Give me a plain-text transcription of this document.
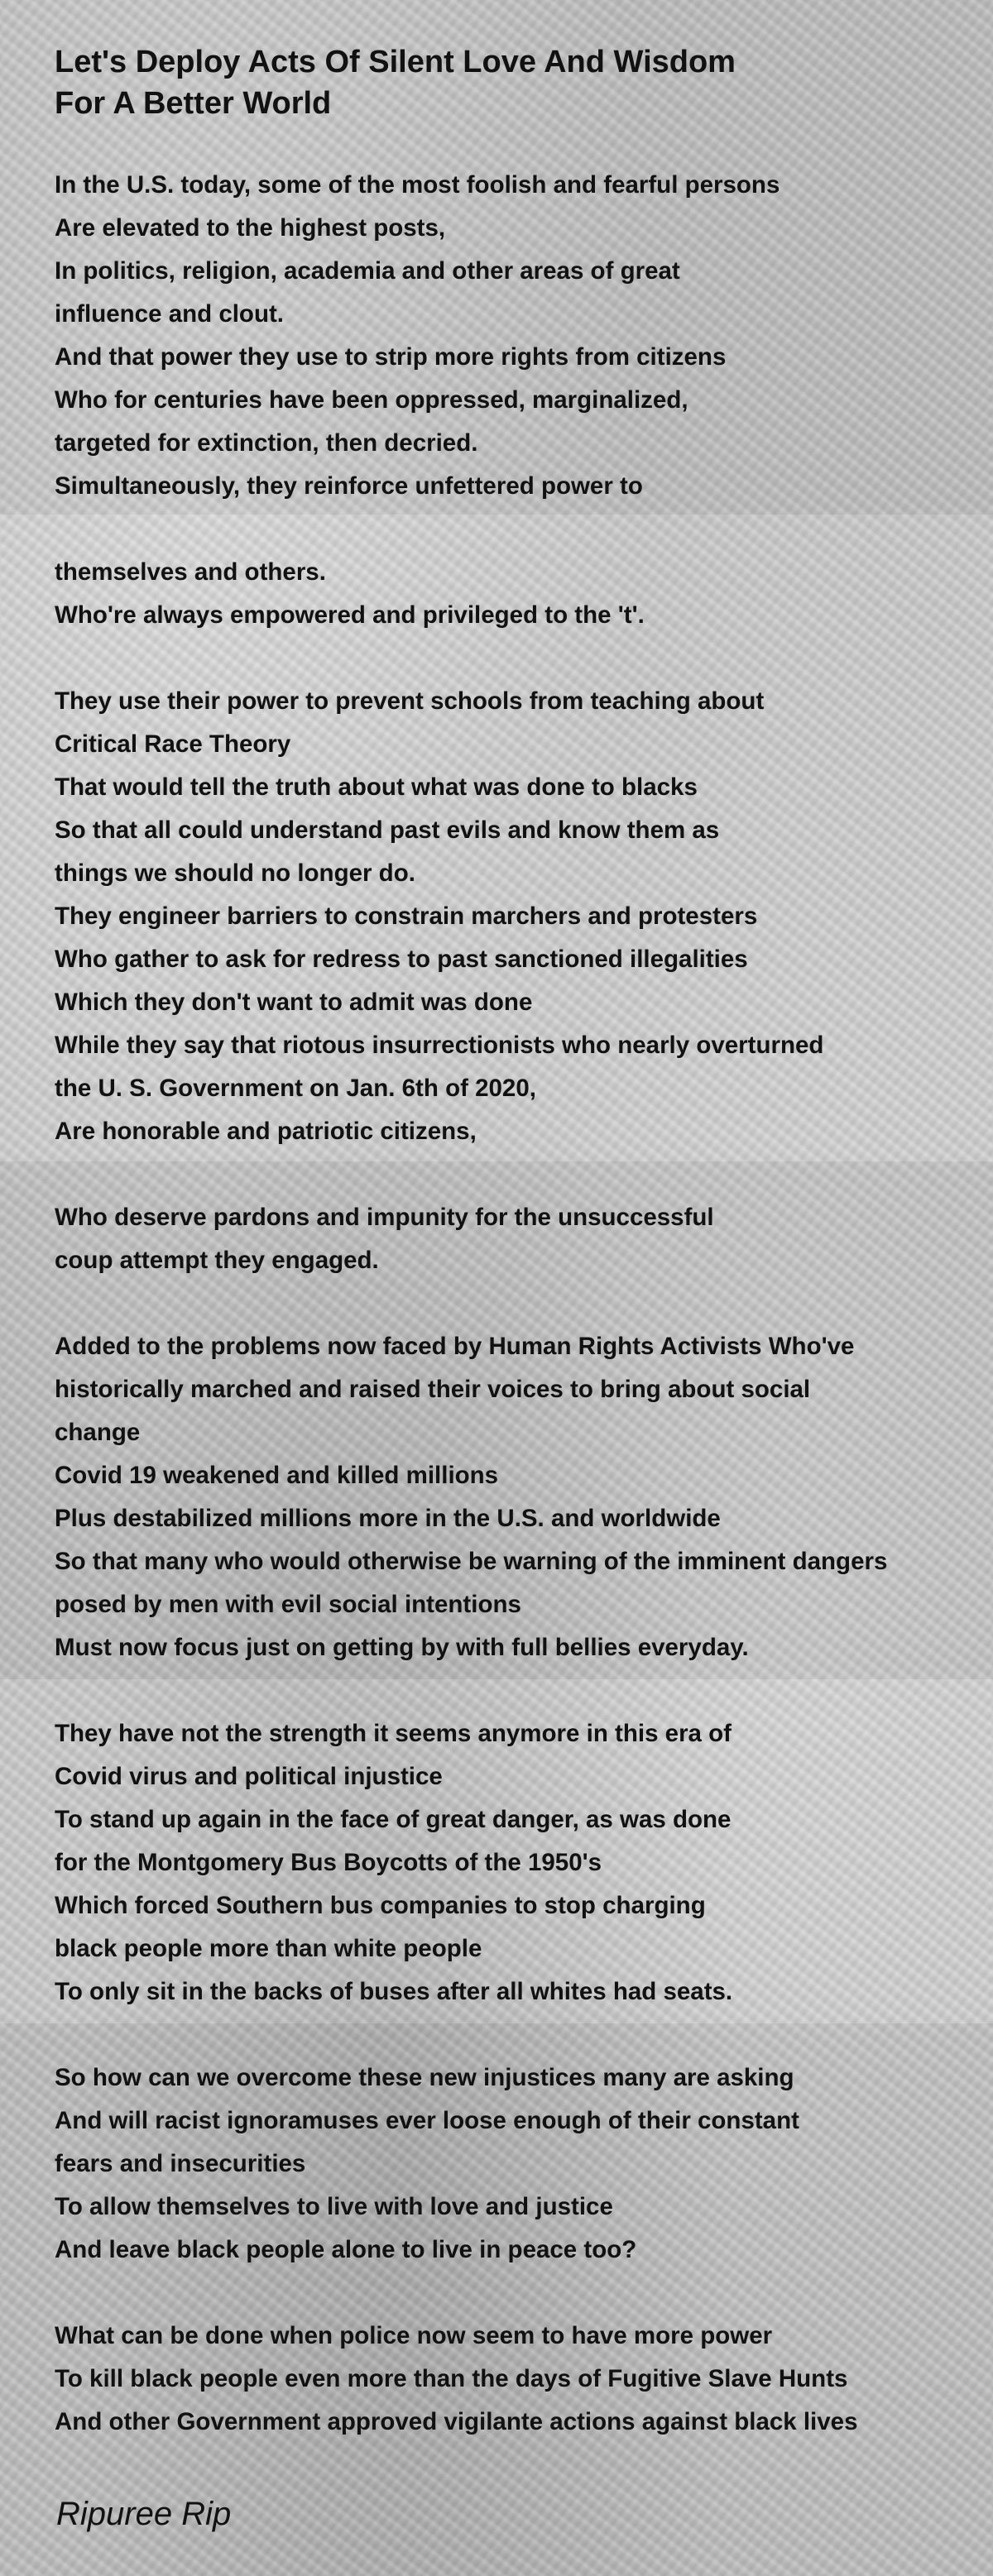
Let's Deploy Acts Of Silent Love And Wisdom
For A Better World
In the U.S. today, some of the most foolish and fearful persons
Are elevated to the highest posts,
In politics, religion, academia and other areas of great
influence and clout.
And that power they use to strip more rights from citizens
Who for centuries have been oppressed, marginalized,
targeted for extinction, then decried.
Simultaneously, they reinforce unfettered power to
themselves and others.
Who're always empowered and privileged to the 't'.
They use their power to prevent schools from teaching about
Critical Race Theory
That would tell the truth about what was done to blacks
So that all could understand past evils and know them as
things we should no longer do.
They engineer barriers to constrain marchers and protesters
Who gather to ask for redress to past sanctioned illegalities
Which they don't want to admit was done
While they say that riotous insurrectionists who nearly overturned
the U. S. Government on Jan. 6th of 2020,
Are honorable and patriotic citizens,
Who deserve pardons and impunity for the unsuccessful
coup attempt they engaged.
Added to the problems now faced by Human Rights Activists Who've
historically marched and raised their voices to bring about social
change
Covid 19 weakened and killed millions
Plus destabilized millions more in the U.S. and worldwide
So that many who would otherwise be warning of the imminent dangers
posed by men with evil social intentions
Must now focus just on getting by with full bellies everyday.
They have not the strength it seems anymore in this era of
Covid virus and political injustice
To stand up again in the face of great danger, as was done
for the Montgomery Bus Boycotts of the 1950's
Which forced Southern bus companies to stop charging
black people more than white people
To only sit in the backs of buses after all whites had seats.
So how can we overcome these new injustices many are asking
And will racist ignoramuses ever loose enough of their constant
fears and insecurities
To allow themselves to live with love and justice
And leave black people alone to live in peace too?
What can be done when police now seem to have more power
To kill black people even more than the days of Fugitive Slave Hunts
And other Government approved vigilante actions against black lives
Ripuree Rip
